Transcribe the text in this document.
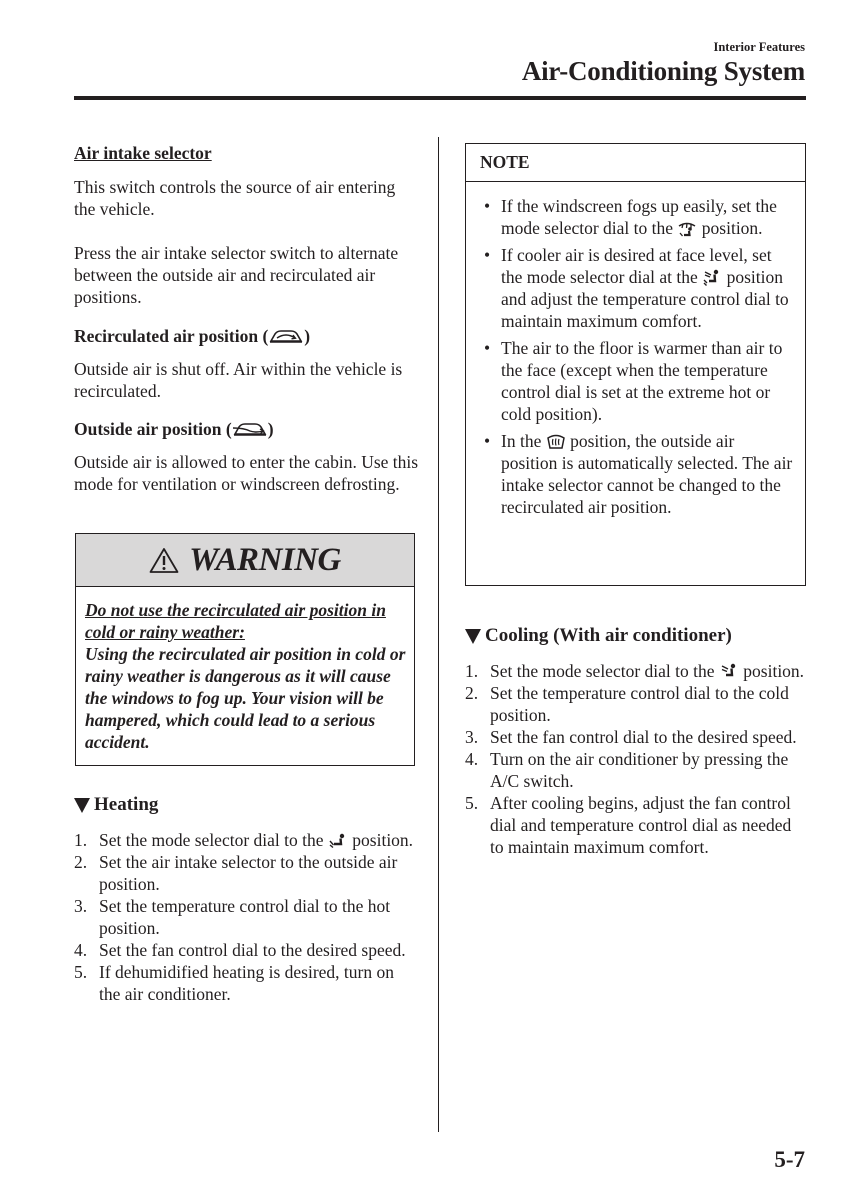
Interior Features
Air-Conditioning System

Air intake selector

This switch controls the source of air entering the vehicle.

Press the air intake selector switch to alternate between the outside air and recirculated air positions.

Recirculated air position ( )

Outside air is shut off. Air within the vehicle is recirculated.

Outside air position ( )

Outside air is allowed to enter the cabin. Use this mode for ventilation or windscreen defrosting.

WARNING
Do not use the recirculated air position in cold or rainy weather:
Using the recirculated air position in cold or rainy weather is dangerous as it will cause the windows to fog up. Your vision will be hampered, which could lead to a serious accident.
Heating
1. Set the mode selector dial to the  position.
2. Set the air intake selector to the outside air position.
3. Set the temperature control dial to the hot position.
4. Set the fan control dial to the desired speed.
5. If dehumidified heating is desired, turn on the air conditioner.
NOTE
• If the windscreen fogs up easily, set the mode selector dial to the  position.
• If cooler air is desired at face level, set the mode selector dial at the  position and adjust the temperature control dial to maintain maximum comfort.
• The air to the floor is warmer than air to the face (except when the temperature control dial is set at the extreme hot or cold position).
• In the  position, the outside air position is automatically selected. The air intake selector cannot be changed to the recirculated air position.
Cooling (With air conditioner)
1. Set the mode selector dial to the  position.
2. Set the temperature control dial to the cold position.
3. Set the fan control dial to the desired speed.
4. Turn on the air conditioner by pressing the A/C switch.
5. After cooling begins, adjust the fan control dial and temperature control dial as needed to maintain maximum comfort.
5-7
